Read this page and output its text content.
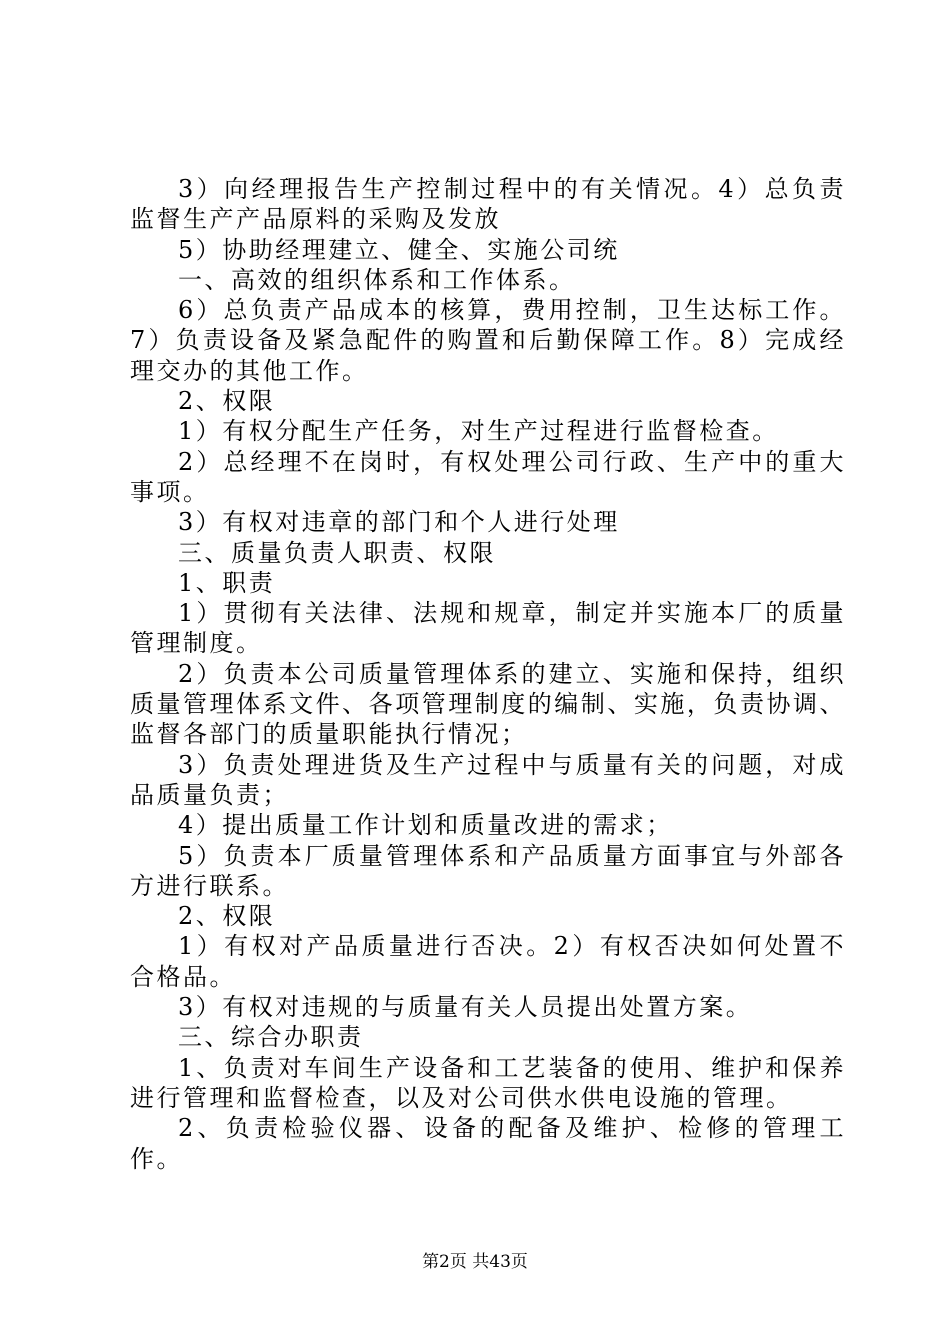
3）向经理报告生产控制过程中的有关情况。4）总负责监督生产产品原料的采购及发放

5）协助经理建立、健全、实施公司统

一、高效的组织体系和工作体系。

6）总负责产品成本的核算，费用控制，卫生达标工作。7）负责设备及紧急配件的购置和后勤保障工作。8）完成经理交办的其他工作。

2、权限

1）有权分配生产任务，对生产过程进行监督检查。

2）总经理不在岗时，有权处理公司行政、生产中的重大事项。

3）有权对违章的部门和个人进行处理

三、质量负责人职责、权限

1、职责

1）贯彻有关法律、法规和规章，制定并实施本厂的质量管理制度。

2）负责本公司质量管理体系的建立、实施和保持，组织质量管理体系文件、各项管理制度的编制、实施，负责协调、监督各部门的质量职能执行情况；

3）负责处理进货及生产过程中与质量有关的问题，对成品质量负责；

4）提出质量工作计划和质量改进的需求；

5）负责本厂质量管理体系和产品质量方面事宜与外部各方进行联系。

2、权限

1）有权对产品质量进行否决。2）有权否决如何处置不合格品。

3）有权对违规的与质量有关人员提出处置方案。

三、综合办职责

1、负责对车间生产设备和工艺装备的使用、维护和保养进行管理和监督检查，以及对公司供水供电设施的管理。

2、负责检验仪器、设备的配备及维护、检修的管理工作。

第2页 共43页
